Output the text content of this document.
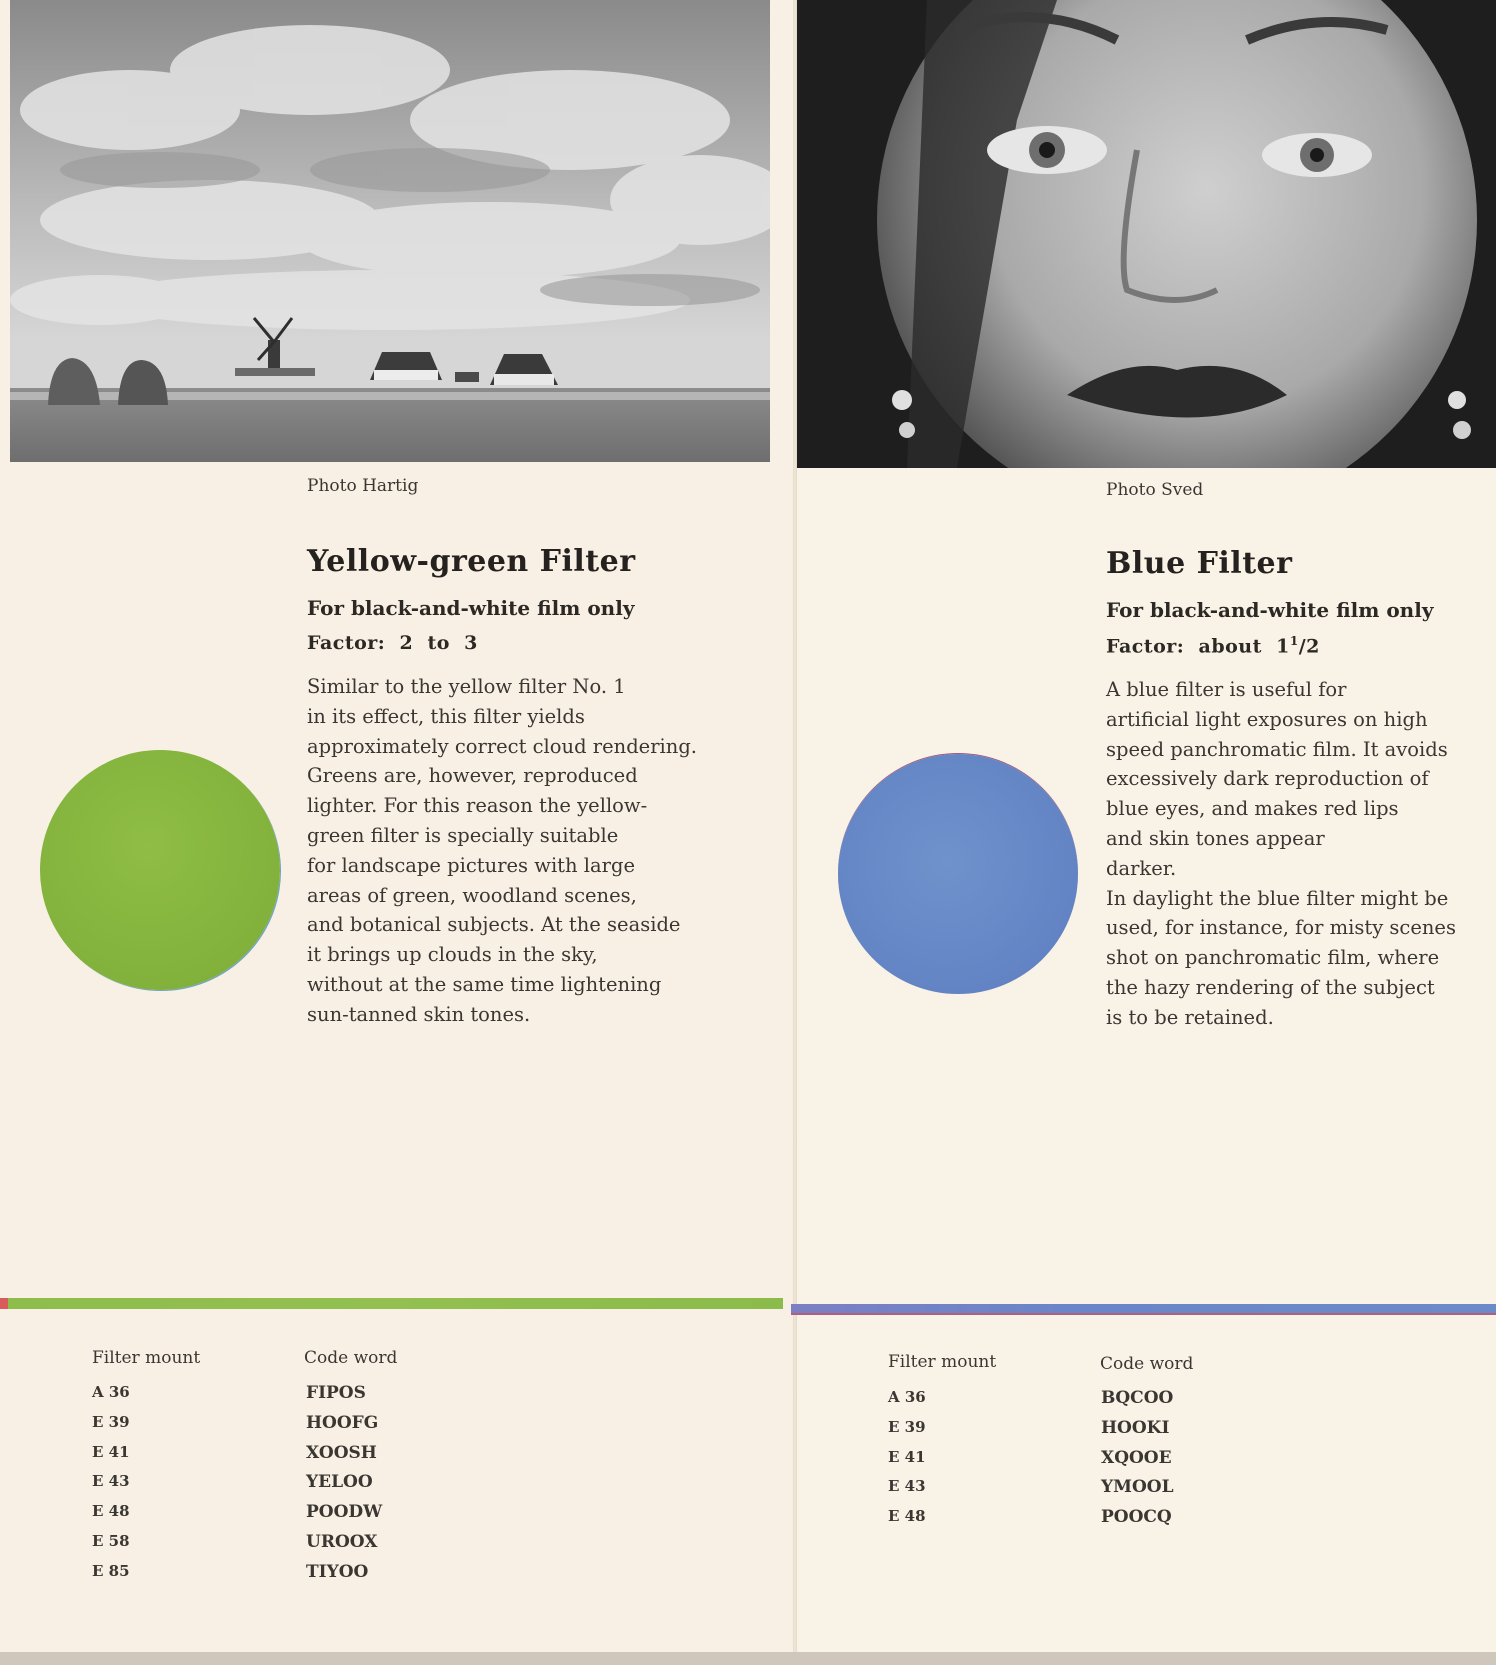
Photo Hartig	Photo Sved
Yellow-green Filter
For black-and-white film only
Factor:  2  to  3
Similar to the yellow filter No. 1
in its effect, this filter yields
approximately correct cloud rendering.
Greens are, however, reproduced
lighter. For this reason the yellow-
green filter is specially suitable
for landscape pictures with large
areas of green, woodland scenes,
and botanical subjects. At the seaside
it brings up clouds in the sky,
without at the same time lightening
sun-tanned skin tones.
Blue Filter
For black-and-white film only
Factor:  about  $1^1/2$
A blue filter is useful for
artificial light exposures on high
speed panchromatic film. It avoids
excessively dark reproduction of
blue eyes, and makes red lips
and skin tones appear
darker.
In daylight the blue filter might be
used, for instance, for misty scenes
shot on panchromatic film, where
the hazy rendering of the subject
is to be retained.
Filter mount	Code word
A 36	FIPOS
E 39	HOOFG
E 41	XOOSH
E 43	YELOO
E 48	POODW
E 58	UROOX
E 85	TIYOO
Filter mount	Code word
A 36	BQCOO
E 39	HOOKI
E 41	XQOOE
E 43	YMOOL
E 48	POOCQ
